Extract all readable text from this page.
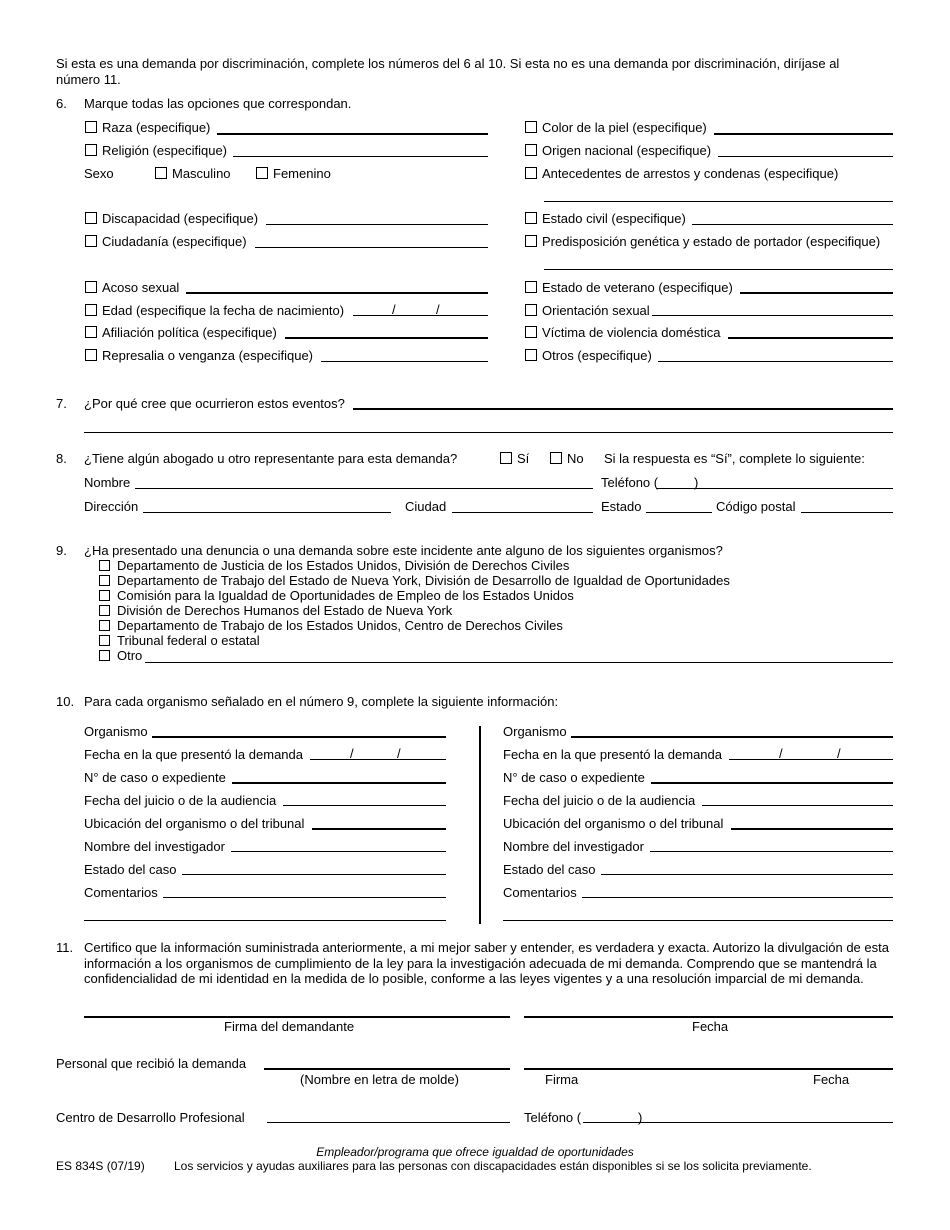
Si esta es una demanda por discriminación, complete los números del 6 al 10. Si esta no es una demanda por discriminación, diríjase al número 11.
6. Marque todas las opciones que correspondan.
Raza (especifique)
Religión (especifique)
Sexo	Masculino	Femenino
Discapacidad (especifique)
Ciudadanía (especifique)
Acoso sexual
Edad (especifique la fecha de nacimiento)	/	/
Afiliación política (especifique)
Represalia o venganza (especifique)
Color de la piel (especifique)
Origen nacional (especifique)
Antecedentes de arrestos y condenas (especifique)
Estado civil (especifique)
Predisposición genética y estado de portador (especifique)
Estado de veterano (especifique)
Orientación sexual
Víctima de violencia doméstica
Otros (especifique)
7. ¿Por qué cree que ocurrieron estos eventos?
8. ¿Tiene algún abogado u otro representante para esta demanda?	Sí	No Si la respuesta es “Sí”, complete lo siguiente:
Nombre	Teléfono (	)
Dirección	Ciudad	Estado	Código postal
9. ¿Ha presentado una denuncia o una demanda sobre este incidente ante alguno de los siguientes organismos?
Departamento de Justicia de los Estados Unidos, División de Derechos Civiles
Departamento de Trabajo del Estado de Nueva York, División de Desarrollo de Igualdad de Oportunidades
Comisión para la Igualdad de Oportunidades de Empleo de los Estados Unidos
División de Derechos Humanos del Estado de Nueva York
Departamento de Trabajo de los Estados Unidos, Centro de Derechos Civiles
Tribunal federal o estatal
Otro
10. Para cada organismo señalado en el número 9, complete la siguiente información:
Organismo
Fecha en la que presentó la demanda	/	/
N° de caso o expediente
Fecha del juicio o de la audiencia
Ubicación del organismo o del tribunal
Nombre del investigador
Estado del caso
Comentarios
Organismo
Fecha en la que presentó la demanda	/	/
N° de caso o expediente
Fecha del juicio o de la audiencia
Ubicación del organismo o del tribunal
Nombre del investigador
Estado del caso
Comentarios
11. Certifico que la información suministrada anteriormente, a mi mejor saber y entender, es verdadera y exacta. Autorizo la divulgación de esta información a los organismos de cumplimiento de la ley para la investigación adecuada de mi demanda. Comprendo que se mantendrá la confidencialidad de mi identidad en la medida de lo posible, conforme a las leyes vigentes y a una resolución imparcial de mi demanda.
Firma del demandante	Fecha
Personal que recibió la demanda
(Nombre en letra de molde)	Firma	Fecha
Centro de Desarrollo Profesional	Teléfono (	)
Empleador/programa que ofrece igualdad de oportunidades
ES 834S (07/19) Los servicios y ayudas auxiliares para las personas con discapacidades están disponibles si se los solicita previamente.
